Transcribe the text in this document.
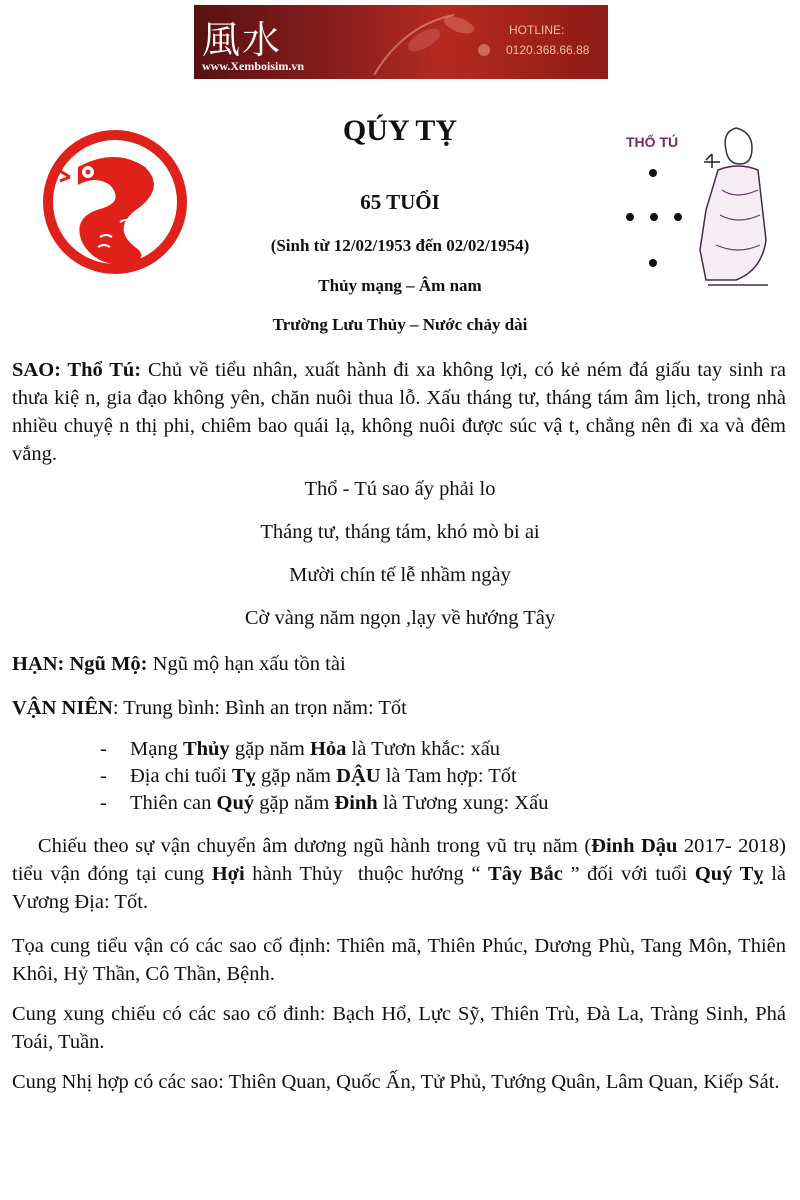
風水
www.Xemboisim.vn
HOTLINE:
0120.368.66.88
QÚY TỴ
65 TUỔI
(Sinh từ 12/02/1953 đến 02/02/1954)
Thủy mạng – Âm nam
Trường Lưu Thủy – Nước chảy dài
THỔ TÚ
SAO: Thổ Tú: Chủ về tiểu nhân, xuất hành đi xa không lợi, có kẻ ném đá giấu tay sinh ra thưa kiệ n, gia đạo không yên, chăn nuôi thua lỗ. Xấu tháng tư, tháng tám âm lịch, trong nhà nhiều chuyệ n thị phi, chiêm bao quái lạ, không nuôi được súc vậ t, chẳng nên đi xa và đêm vắng.
Thổ - Tú sao ấy phải lo
Tháng tư, tháng tám, khó mò bi ai
Mười chín tế lễ nhầm ngày
Cờ vàng năm ngọn ,lạy về hướng Tây
HẠN: Ngũ Mộ: Ngũ mộ hạn xấu tồn tài
VẬN NIÊN: Trung bình: Bình an trọn năm: Tốt
- Mạng Thủy gặp năm Hỏa là Tươn khắc: xấu
- Địa chi tuổi Tỵ gặp năm DẬU là Tam hợp: Tốt
- Thiên can Quý gặp năm Đinh là Tương xung: Xấu
Chiếu theo sự vận chuyển âm dương ngũ hành trong vũ trụ năm (Đinh Dậu 2017- 2018) tiểu vận đóng tại cung Hợi hành Thủy  thuộc hướng “ Tây Bắc ” đối với tuổi Quý Tỵ là Vương Địa: Tốt.
Tọa cung tiểu vận có các sao cố định: Thiên mã, Thiên Phúc, Dương Phù, Tang Môn, Thiên Khôi, Hỷ Thần, Cô Thần, Bệnh.
Cung xung chiếu có các sao cố đinh: Bạch Hổ, Lực Sỹ, Thiên Trù, Đà La, Tràng Sinh, Phá Toái, Tuần.
Cung Nhị hợp có các sao: Thiên Quan, Quốc Ấn, Tử Phủ, Tướng Quân, Lâm Quan, Kiếp Sát.
